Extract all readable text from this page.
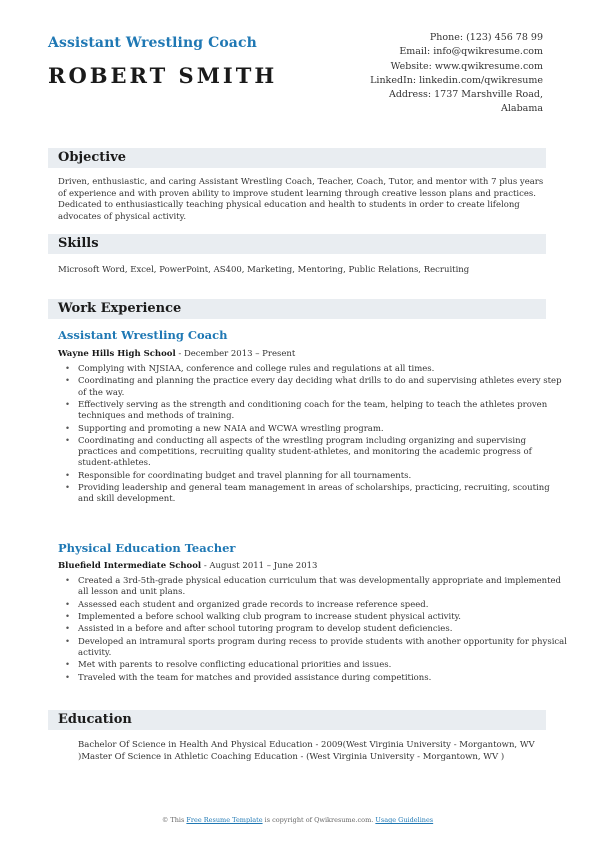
Assistant Wrestling Coach
ROBERT SMITH
Phone: (123) 456 78 99
Email: info@qwikresume.com
Website: www.qwikresume.com
LinkedIn: linkedin.com/qwikresume
Address: 1737 Marshville Road,
Alabama
Objective
Driven, enthusiastic, and caring Assistant Wrestling Coach, Teacher, Coach, Tutor, and mentor with 7 plus years of experience and with proven ability to improve student learning through creative lesson plans and practices. Dedicated to enthusiastically teaching physical education and health to students in order to create lifelong advocates of physical activity.
Skills
Microsoft Word, Excel, PowerPoint, AS400, Marketing, Mentoring, Public Relations, Recruiting
Work Experience
Assistant Wrestling Coach
Wayne Hills High School - December 2013 – Present
• Complying with NJSIAA, conference and college rules and regulations at all times.
• Coordinating and planning the practice every day deciding what drills to do and supervising athletes every step of the way.
• Effectively serving as the strength and conditioning coach for the team, helping to teach the athletes proven techniques and methods of training.
• Supporting and promoting a new NAIA and WCWA wrestling program.
• Coordinating and conducting all aspects of the wrestling program including organizing and supervising practices and competitions, recruiting quality student-athletes, and monitoring the academic progress of student-athletes.
• Responsible for coordinating budget and travel planning for all tournaments.
• Providing leadership and general team management in areas of scholarships, practicing, recruiting, scouting and skill development.
Physical Education Teacher
Bluefield Intermediate School - August 2011 – June 2013
• Created a 3rd-5th-grade physical education curriculum that was developmentally appropriate and implemented all lesson and unit plans.
• Assessed each student and organized grade records to increase reference speed.
• Implemented a before school walking club program to increase student physical activity.
• Assisted in a before and after school tutoring program to develop student deficiencies.
• Developed an intramural sports program during recess to provide students with another opportunity for physical activity.
• Met with parents to resolve conflicting educational priorities and issues.
• Traveled with the team for matches and provided assistance during competitions.
Education
Bachelor Of Science in Health And Physical Education - 2009(West Virginia University - Morgantown, WV )Master Of Science in Athletic Coaching Education - (West Virginia University - Morgantown, WV )
© This Free Resume Template is copyright of Qwikresume.com. Usage Guidelines
